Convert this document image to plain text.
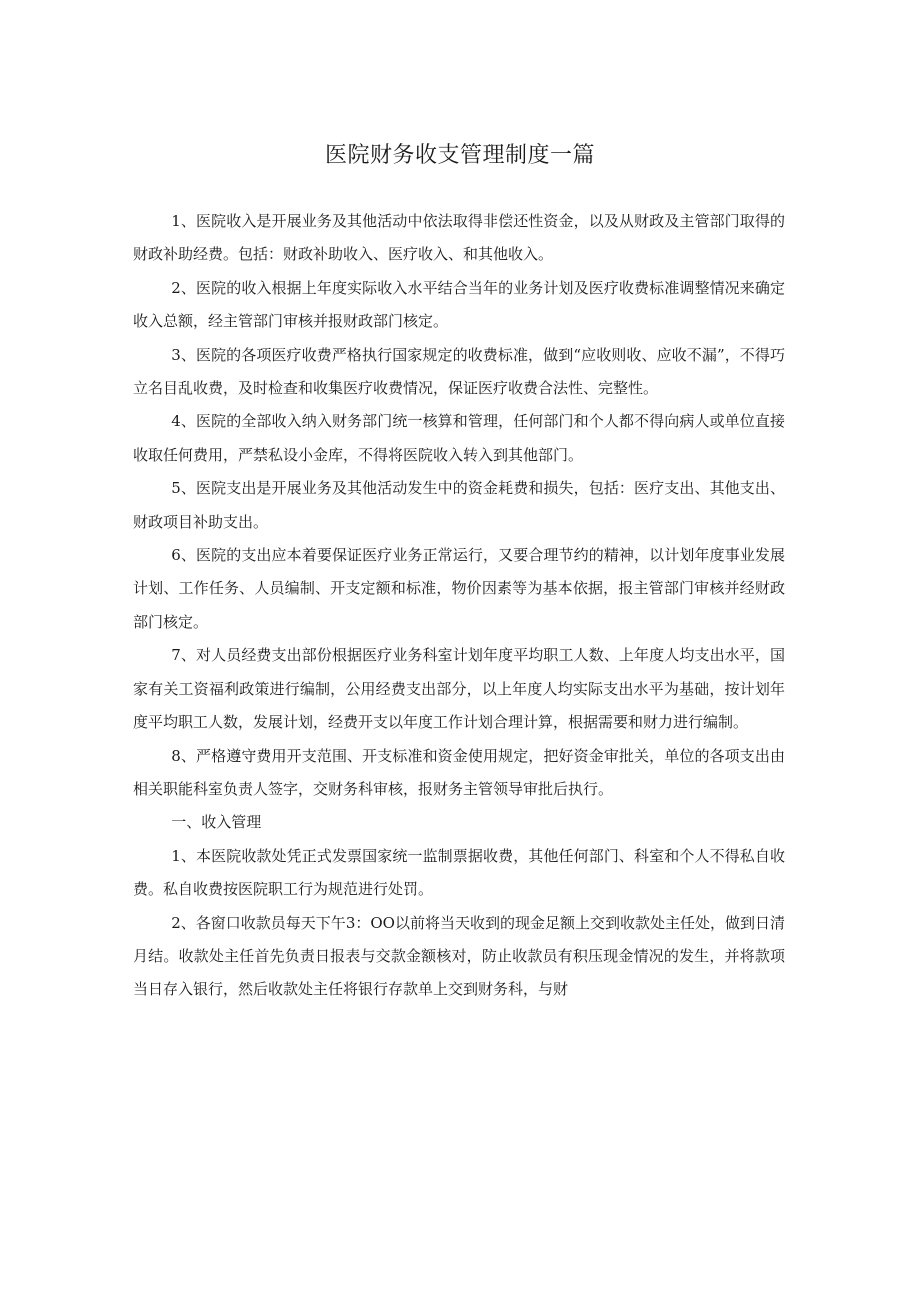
医院财务收支管理制度一篇

1、医院收入是开展业务及其他活动中依法取得非偿还性资金，以及从财政及主管部门取得的财政补助经费。包括：财政补助收入、医疗收入、和其他收入。

2、医院的收入根据上年度实际收入水平结合当年的业务计划及医疗收费标准调整情况来确定收入总额，经主管部门审核并报财政部门核定。

3、医院的各项医疗收费严格执行国家规定的收费标准，做到“应收则收、应收不漏”，不得巧立名目乱收费，及时检查和收集医疗收费情况，保证医疗收费合法性、完整性。

4、医院的全部收入纳入财务部门统一核算和管理，任何部门和个人都不得向病人或单位直接收取任何费用，严禁私设小金库，不得将医院收入转入到其他部门。

5、医院支出是开展业务及其他活动发生中的资金耗费和损失，包括：医疗支出、其他支出、财政项目补助支出。

6、医院的支出应本着要保证医疗业务正常运行，又要合理节约的精神，以计划年度事业发展计划、工作任务、人员编制、开支定额和标准，物价因素等为基本依据，报主管部门审核并经财政部门核定。

7、对人员经费支出部份根据医疗业务科室计划年度平均职工人数、上年度人均支出水平，国家有关工资福利政策进行编制，公用经费支出部分，以上年度人均实际支出水平为基础，按计划年度平均职工人数，发展计划，经费开支以年度工作计划合理计算，根据需要和财力进行编制。

8、严格遵守费用开支范围、开支标准和资金使用规定，把好资金审批关，单位的各项支出由相关职能科室负责人签字，交财务科审核，报财务主管领导审批后执行。

一、收入管理

1、本医院收款处凭正式发票国家统一监制票据收费，其他任何部门、科室和个人不得私自收费。私自收费按医院职工行为规范进行处罚。

2、各窗口收款员每天下午3：OO以前将当天收到的现金足额上交到收款处主任处，做到日清月结。收款处主任首先负责日报表与交款金额核对，防止收款员有积压现金情况的发生，并将款项当日存入银行，然后收款处主任将银行存款单上交到财务科，与财
